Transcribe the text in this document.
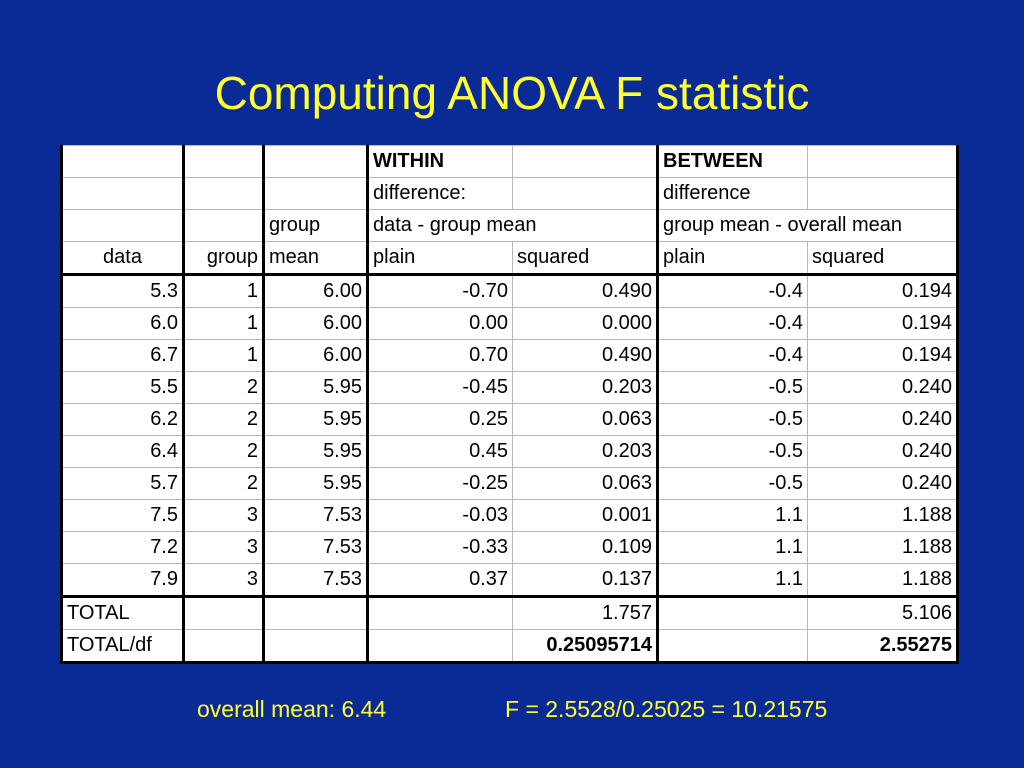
Computing ANOVA F statistic
			WITHIN		BETWEEN	
			difference:		difference	
		group	data - group mean		group mean - overall mean	
data	group	mean	plain	squared	plain	squared
5.3	1	6.00	-0.70	0.490	-0.4	0.194
6.0	1	6.00	0.00	0.000	-0.4	0.194
6.7	1	6.00	0.70	0.490	-0.4	0.194
5.5	2	5.95	-0.45	0.203	-0.5	0.240
6.2	2	5.95	0.25	0.063	-0.5	0.240
6.4	2	5.95	0.45	0.203	-0.5	0.240
5.7	2	5.95	-0.25	0.063	-0.5	0.240
7.5	3	7.53	-0.03	0.001	1.1	1.188
7.2	3	7.53	-0.33	0.109	1.1	1.188
7.9	3	7.53	0.37	0.137	1.1	1.188
TOTAL				1.757		5.106
TOTAL/df				0.25095714		2.55275
overall mean: 6.44	F = 2.5528/0.25025 = 10.21575
